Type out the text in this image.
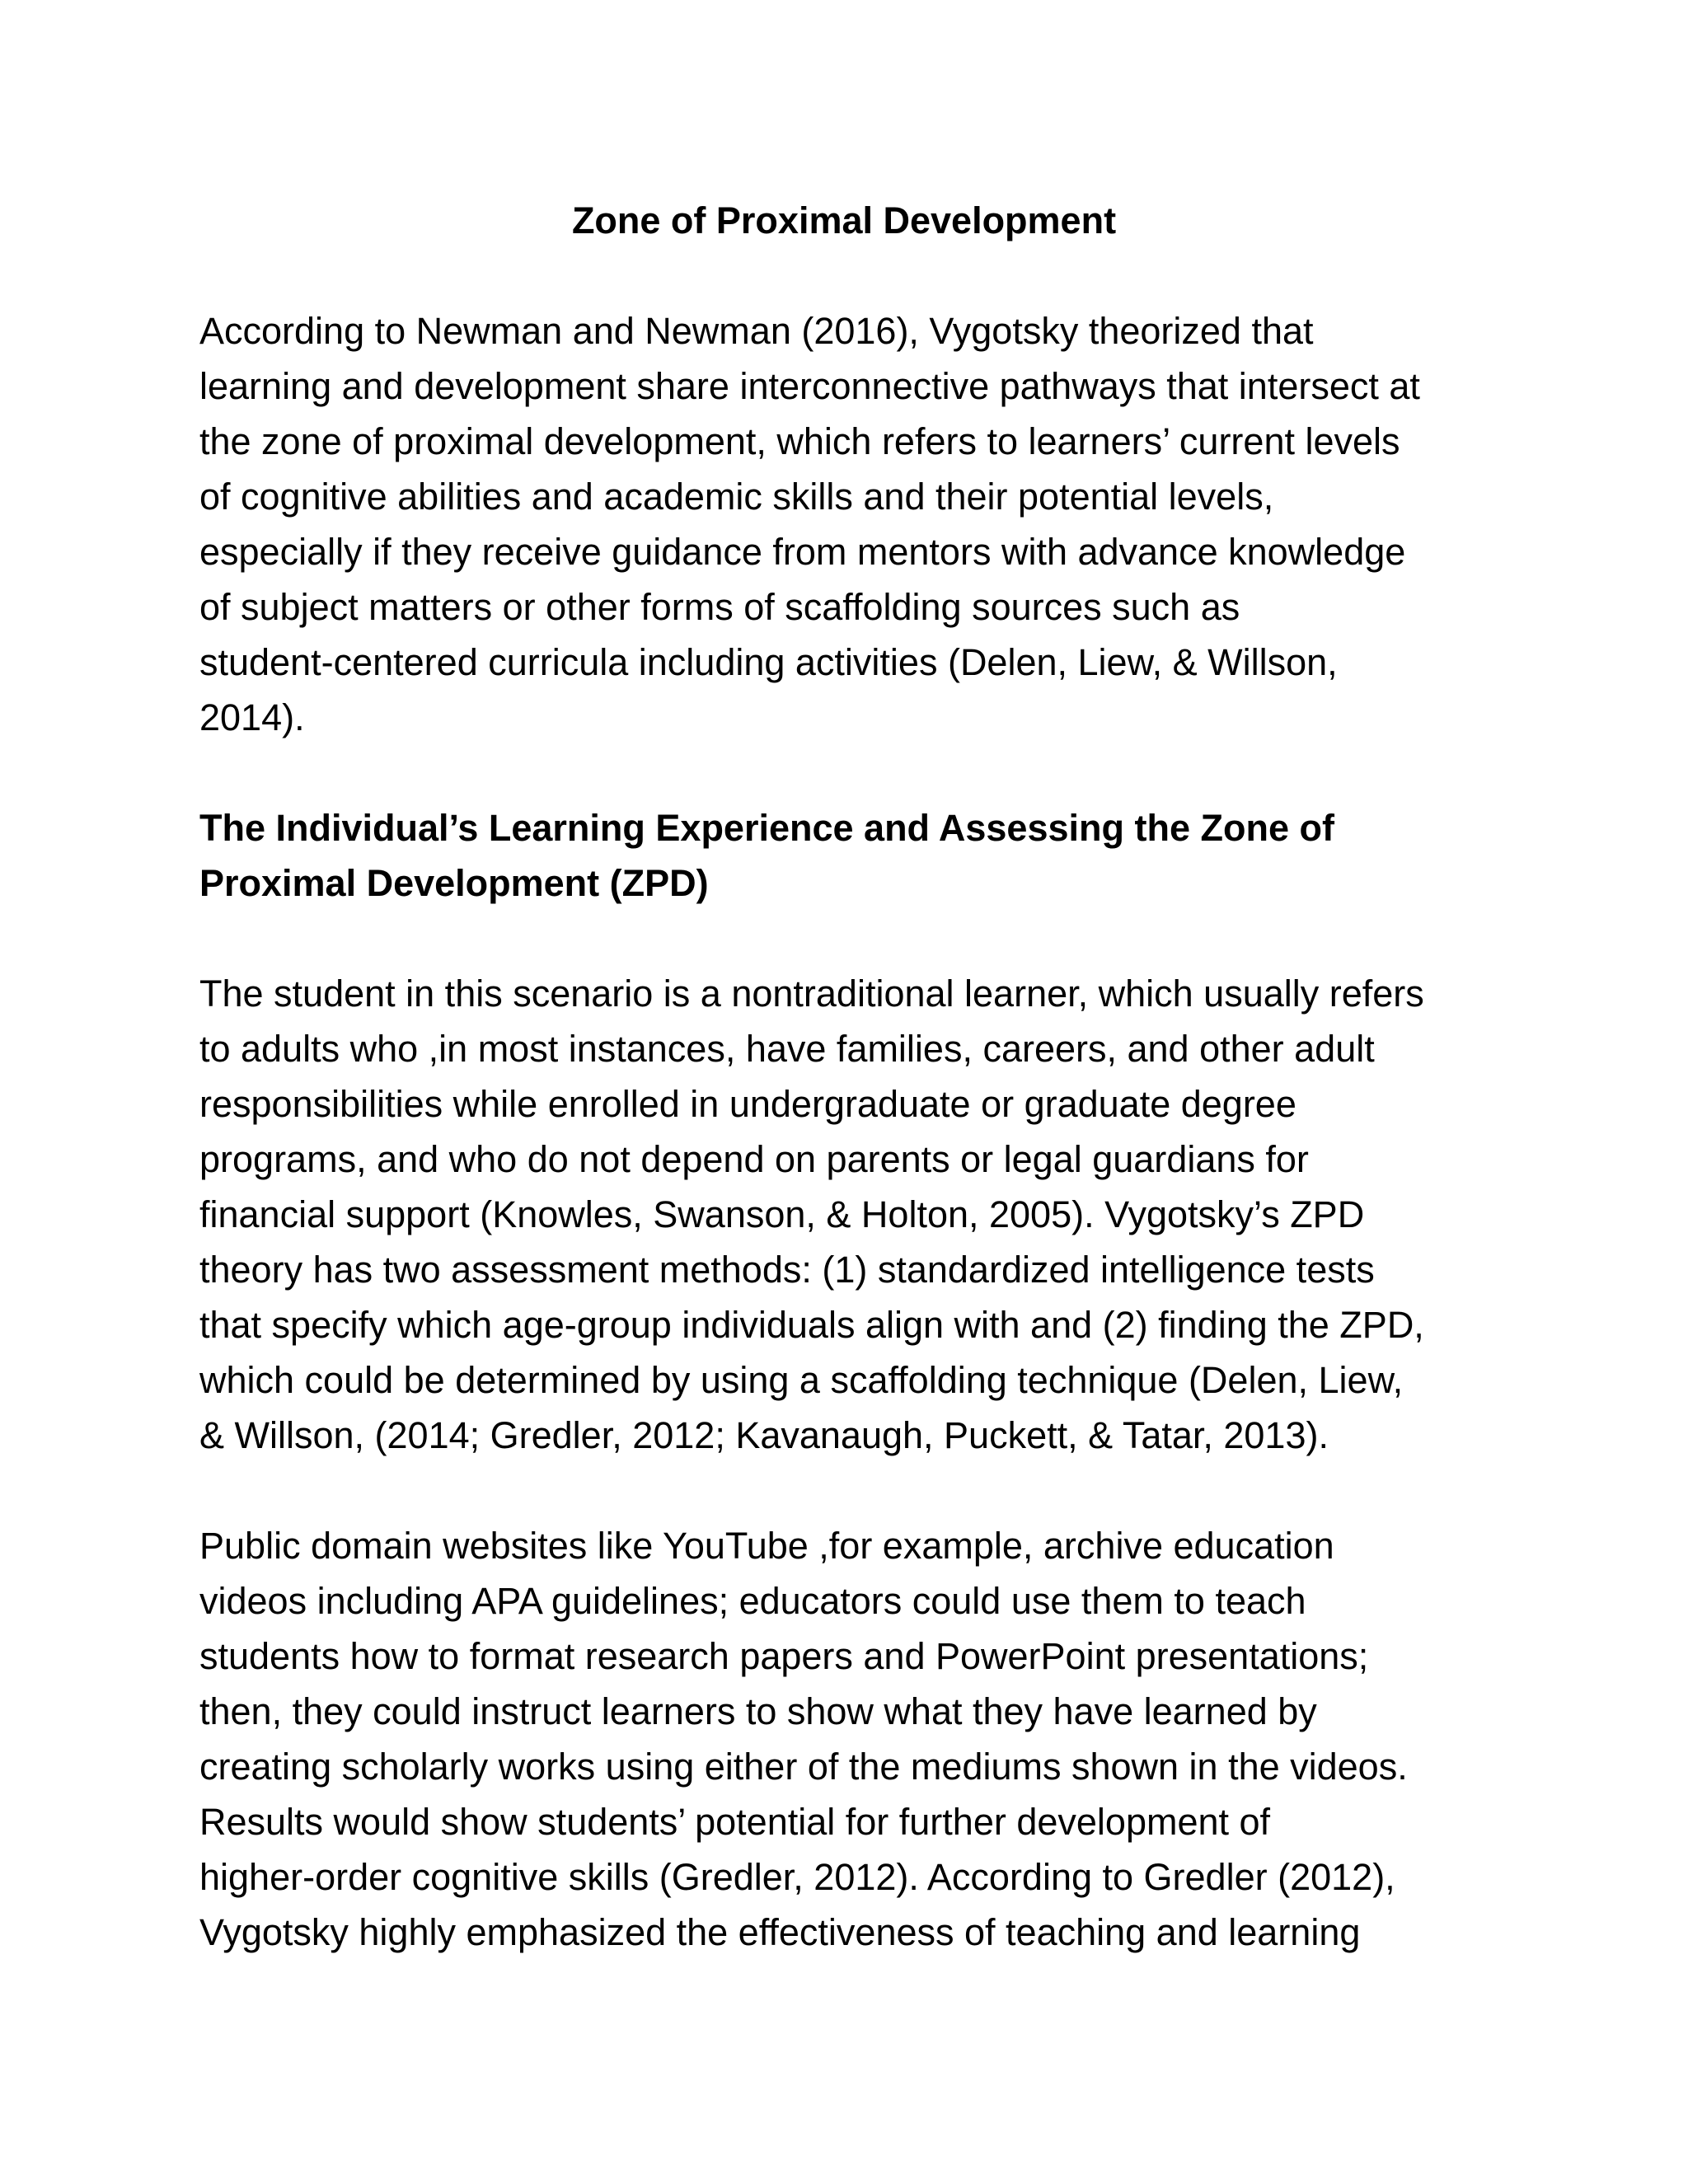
Zone of Proximal Development

According to Newman and Newman (2016), Vygotsky theorized that

learning and development share interconnective pathways that intersect at

the zone of proximal development, which refers to learners’ current levels

of cognitive abilities and academic skills and their potential levels,

especially if they receive guidance from mentors with advance knowledge

of subject matters or other forms of scaffolding sources such as

student-centered curricula including activities (Delen, Liew, & Willson,

2014).

The Individual’s Learning Experience and Assessing the Zone of

Proximal Development (ZPD)

The student in this scenario is a nontraditional learner, which usually refers

to adults who ,in most instances, have families, careers, and other adult

responsibilities while enrolled in undergraduate or graduate degree

programs, and who do not depend on parents or legal guardians for

financial support (Knowles, Swanson, & Holton, 2005). Vygotsky’s ZPD

theory has two assessment methods: (1) standardized intelligence tests

that specify which age-group individuals align with and (2) finding the ZPD,

which could be determined by using a scaffolding technique (Delen, Liew,

& Willson, (2014; Gredler, 2012; Kavanaugh, Puckett, & Tatar, 2013).

Public domain websites like YouTube ,for example, archive education

videos including APA guidelines; educators could use them to teach

students how to format research papers and PowerPoint presentations;

then, they could instruct learners to show what they have learned by

creating scholarly works using either of the mediums shown in the videos.

Results would show students’ potential for further development of

higher-order cognitive skills (Gredler, 2012). According to Gredler (2012),

Vygotsky highly emphasized the effectiveness of teaching and learning
